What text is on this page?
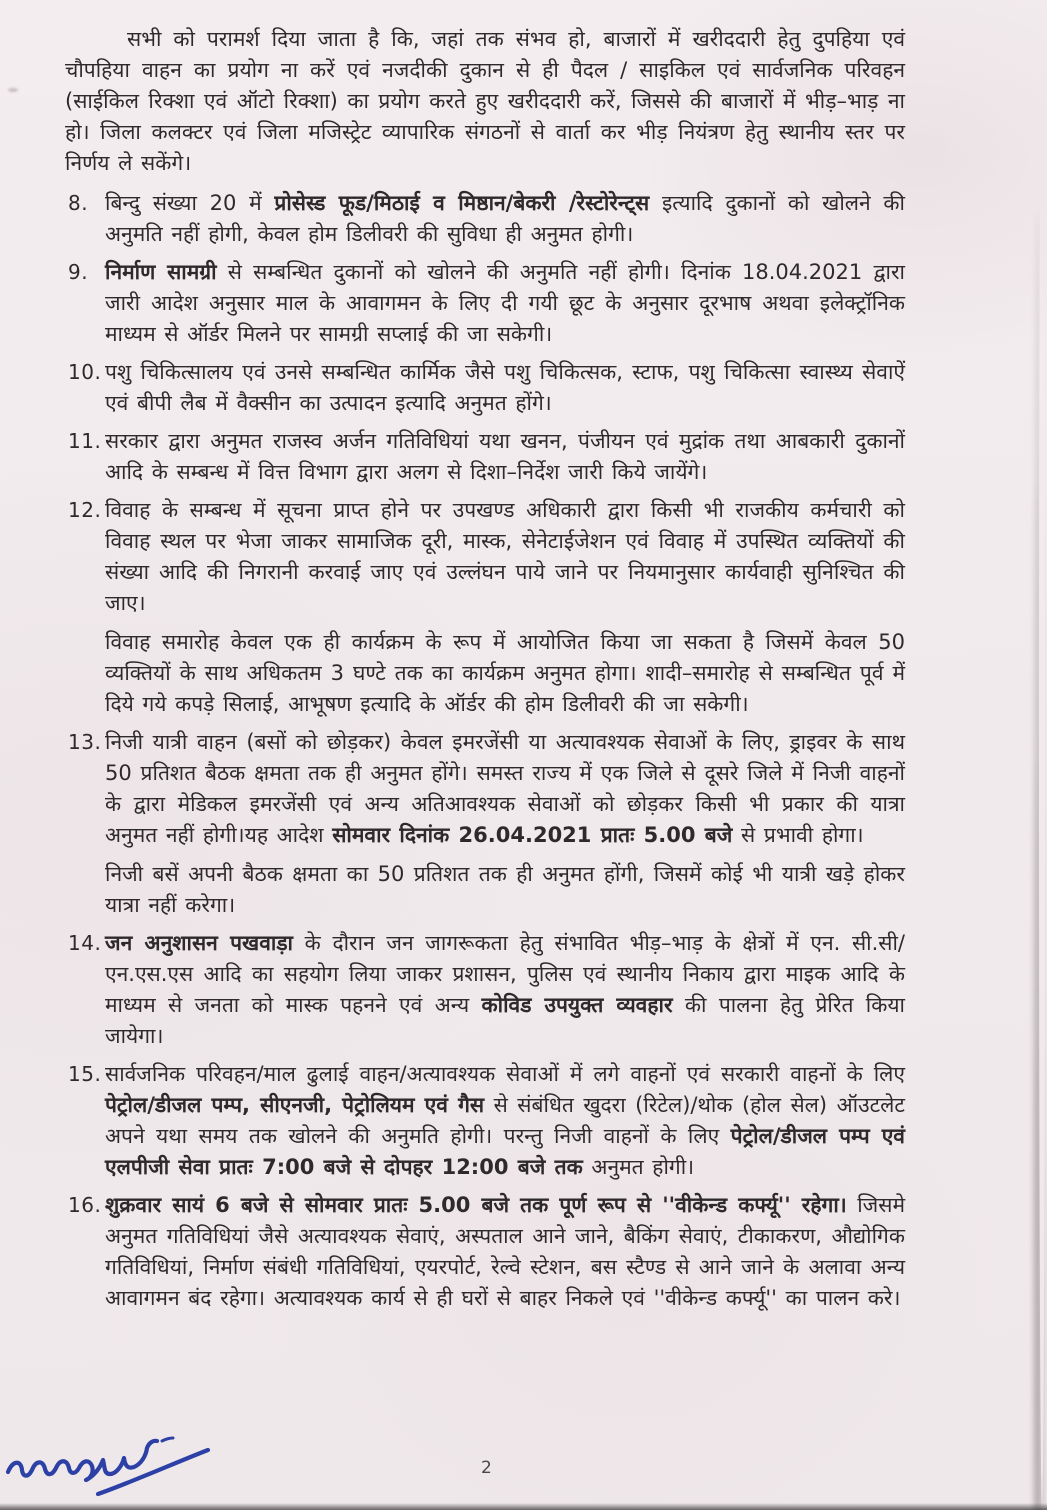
सभी को परामर्श दिया जाता है कि, जहां तक संभव हो, बाजारों में खरीददारी हेतु दुपहिया एवं चौपहिया वाहन का प्रयोग ना करें एवं नजदीकी दुकान से ही पैदल / साइकिल एवं सार्वजनिक परिवहन (साईकिल रिक्शा एवं ऑटो रिक्शा) का प्रयोग करते हुए खरीददारी करें, जिससे की बाजारों में भीड़–भाड़ ना हो। जिला कलक्टर एवं जिला मजिस्ट्रेट व्यापारिक संगठनों से वार्ता कर भीड़ नियंत्रण हेतु स्थानीय स्तर पर निर्णय ले सकेंगे।

8. बिन्दु संख्या 20 में प्रोसेस्ड फूड/मिठाई व मिष्ठान/बेकरी /रेस्टोरेन्ट्स इत्यादि दुकानों को खोलने की अनुमति नहीं होगी, केवल होम डिलीवरी की सुविधा ही अनुमत होगी।

9. निर्माण सामग्री से सम्बन्धित दुकानों को खोलने की अनुमति नहीं होगी। दिनांक 18.04.2021 द्वारा जारी आदेश अनुसार माल के आवागमन के लिए दी गयी छूट के अनुसार दूरभाष अथवा इलेक्ट्रॉनिक माध्यम से ऑर्डर मिलने पर सामग्री सप्लाई की जा सकेगी।

10. पशु चिकित्सालय एवं उनसे सम्बन्धित कार्मिक जैसे पशु चिकित्सक, स्टाफ, पशु चिकित्सा स्वास्थ्य सेवाऐं एवं बीपी लैब में वैक्सीन का उत्पादन इत्यादि अनुमत होंगे।

11. सरकार द्वारा अनुमत राजस्व अर्जन गतिविधियां यथा खनन, पंजीयन एवं मुद्रांक तथा आबकारी दुकानों आदि के सम्बन्ध में वित्त विभाग द्वारा अलग से दिशा–निर्देश जारी किये जायेंगे।

12. विवाह के सम्बन्ध में सूचना प्राप्त होने पर उपखण्ड अधिकारी द्वारा किसी भी राजकीय कर्मचारी को विवाह स्थल पर भेजा जाकर सामाजिक दूरी, मास्क, सेनेटाईजेशन एवं विवाह में उपस्थित व्यक्तियों की संख्या आदि की निगरानी करवाई जाए एवं उल्लंघन पाये जाने पर नियमानुसार कार्यवाही सुनिश्चित की जाए।

विवाह समारोह केवल एक ही कार्यक्रम के रूप में आयोजित किया जा सकता है जिसमें केवल 50 व्यक्तियों के साथ अधिकतम 3 घण्टे तक का कार्यक्रम अनुमत होगा। शादी–समारोह से सम्बन्धित पूर्व में दिये गये कपड़े सिलाई, आभूषण इत्यादि के ऑर्डर की होम डिलीवरी की जा सकेगी।

13. निजी यात्री वाहन (बसों को छोड़कर) केवल इमरजेंसी या अत्यावश्यक सेवाओं के लिए, ड्राइवर के साथ 50 प्रतिशत बैठक क्षमता तक ही अनुमत होंगे। समस्त राज्य में एक जिले से दूसरे जिले में निजी वाहनों के द्वारा मेडिकल इमरजेंसी एवं अन्य अतिआवश्यक सेवाओं को छोड़कर किसी भी प्रकार की यात्रा अनुमत नहीं होगी।यह आदेश सोमवार दिनांक 26.04.2021 प्रातः 5.00 बजे से प्रभावी होगा।

निजी बसें अपनी बैठक क्षमता का 50 प्रतिशत तक ही अनुमत होंगी, जिसमें कोई भी यात्री खड़े होकर यात्रा नहीं करेगा।

14. जन अनुशासन पखवाड़ा के दौरान जन जागरूकता हेतु संभावित भीड़–भाड़ के क्षेत्रों में एन. सी.सी/एन.एस.एस आदि का सहयोग लिया जाकर प्रशासन, पुलिस एवं स्थानीय निकाय द्वारा माइक आदि के माध्यम से जनता को मास्क पहनने एवं अन्य कोविड उपयुक्त व्यवहार की पालना हेतु प्रेरित किया जायेगा।

15. सार्वजनिक परिवहन/माल ढुलाई वाहन/अत्यावश्यक सेवाओं में लगे वाहनों एवं सरकारी वाहनों के लिए पेट्रोल/डीजल पम्प, सीएनजी, पेट्रोलियम एवं गैस से संबंधित खुदरा (रिटेल)/थोक (होल सेल) ऑउटलेट अपने यथा समय तक खोलने की अनुमति होगी। परन्तु निजी वाहनों के लिए पेट्रोल/डीजल पम्प एवं एलपीजी सेवा प्रातः 7:00 बजे से दोपहर 12:00 बजे तक अनुमत होगी।

16. शुक्रवार सायं 6 बजे से सोमवार प्रातः 5.00 बजे तक पूर्ण रूप से ''वीकेन्ड कर्फ्यू'' रहेगा। जिसमे अनुमत गतिविधियां जैसे अत्यावश्यक सेवाएं, अस्पताल आने जाने, बैकिंग सेवाएं, टीकाकरण, औद्योगिक गतिविधियां, निर्माण संबंधी गतिविधियां, एयरपोर्ट, रेल्वे स्टेशन, बस स्टैण्ड से आने जाने के अलावा अन्य आवागमन बंद रहेगा। अत्यावश्यक कार्य से ही घरों से बाहर निकले एवं ''वीकेन्ड कर्फ्यू'' का पालन करे।

2
